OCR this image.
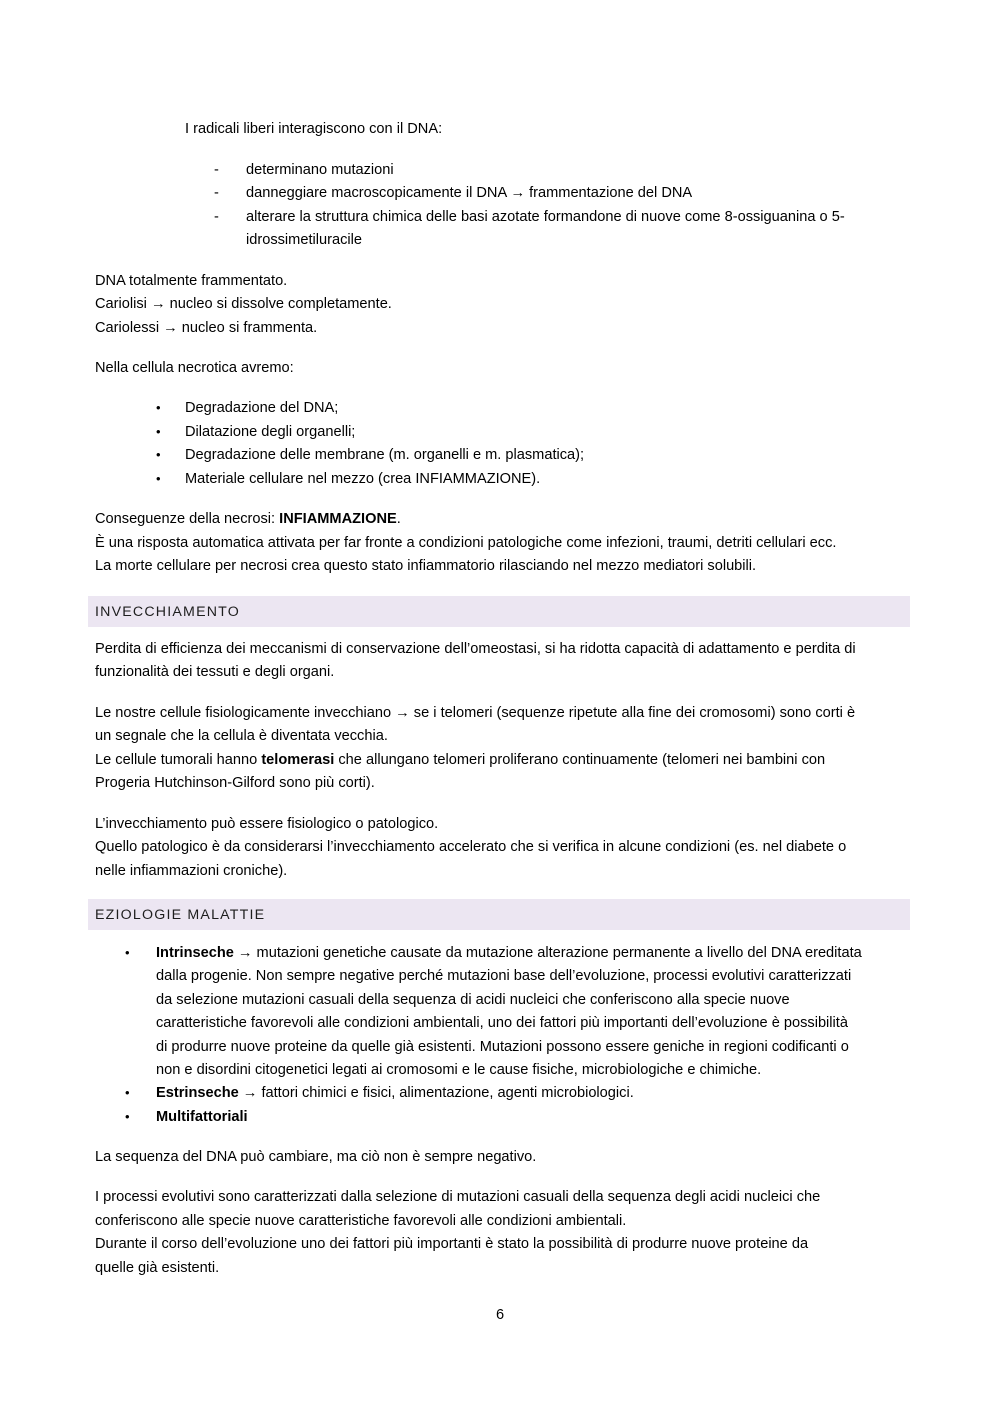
I radicali liberi interagiscono con il DNA:
- determinano mutazioni
- danneggiare macroscopicamente il DNA → frammentazione del DNA
- alterare la struttura chimica delle basi azotate formandone di nuove come 8-ossiguanina o 5-
idrossimetiluracile
DNA totalmente frammentato.
Cariolisi → nucleo si dissolve completamente.
Cariolessi → nucleo si frammenta.
Nella cellula necrotica avremo:
• Degradazione del DNA;
• Dilatazione degli organelli;
• Degradazione delle membrane (m. organelli e m. plasmatica);
• Materiale cellulare nel mezzo (crea INFIAMMAZIONE).
Conseguenze della necrosi: INFIAMMAZIONE.
È una risposta automatica attivata per far fronte a condizioni patologiche come infezioni, traumi, detriti cellulari ecc.
La morte cellulare per necrosi crea questo stato infiammatorio rilasciando nel mezzo mediatori solubili.
INVECCHIAMENTO
Perdita di efficienza dei meccanismi di conservazione dell’omeostasi, si ha ridotta capacità di adattamento e perdita di
funzionalità dei tessuti e degli organi.
Le nostre cellule fisiologicamente invecchiano → se i telomeri (sequenze ripetute alla fine dei cromosomi) sono corti è
un segnale che la cellula è diventata vecchia.
Le cellule tumorali hanno telomerasi che allungano telomeri proliferano continuamente (telomeri nei bambini con
Progeria Hutchinson-Gilford sono più corti).
L’invecchiamento può essere fisiologico o patologico.
Quello patologico è da considerarsi l’invecchiamento accelerato che si verifica in alcune condizioni (es. nel diabete o
nelle infiammazioni croniche).
EZIOLOGIE MALATTIE
• Intrinseche → mutazioni genetiche causate da mutazione alterazione permanente a livello del DNA ereditata
dalla progenie. Non sempre negative perché mutazioni base dell’evoluzione, processi evolutivi caratterizzati
da selezione mutazioni casuali della sequenza di acidi nucleici che conferiscono alla specie nuove
caratteristiche favorevoli alle condizioni ambientali, uno dei fattori più importanti dell’evoluzione è possibilità
di produrre nuove proteine da quelle già esistenti. Mutazioni possono essere geniche in regioni codificanti o
non e disordini citogenetici legati ai cromosomi e le cause fisiche, microbiologiche e chimiche.
• Estrinseche → fattori chimici e fisici, alimentazione, agenti microbiologici.
• Multifattoriali
La sequenza del DNA può cambiare, ma ciò non è sempre negativo.
I processi evolutivi sono caratterizzati dalla selezione di mutazioni casuali della sequenza degli acidi nucleici che
conferiscono alle specie nuove caratteristiche favorevoli alle condizioni ambientali.
Durante il corso dell’evoluzione uno dei fattori più importanti è stato la possibilità di produrre nuove proteine da
quelle già esistenti.
6
